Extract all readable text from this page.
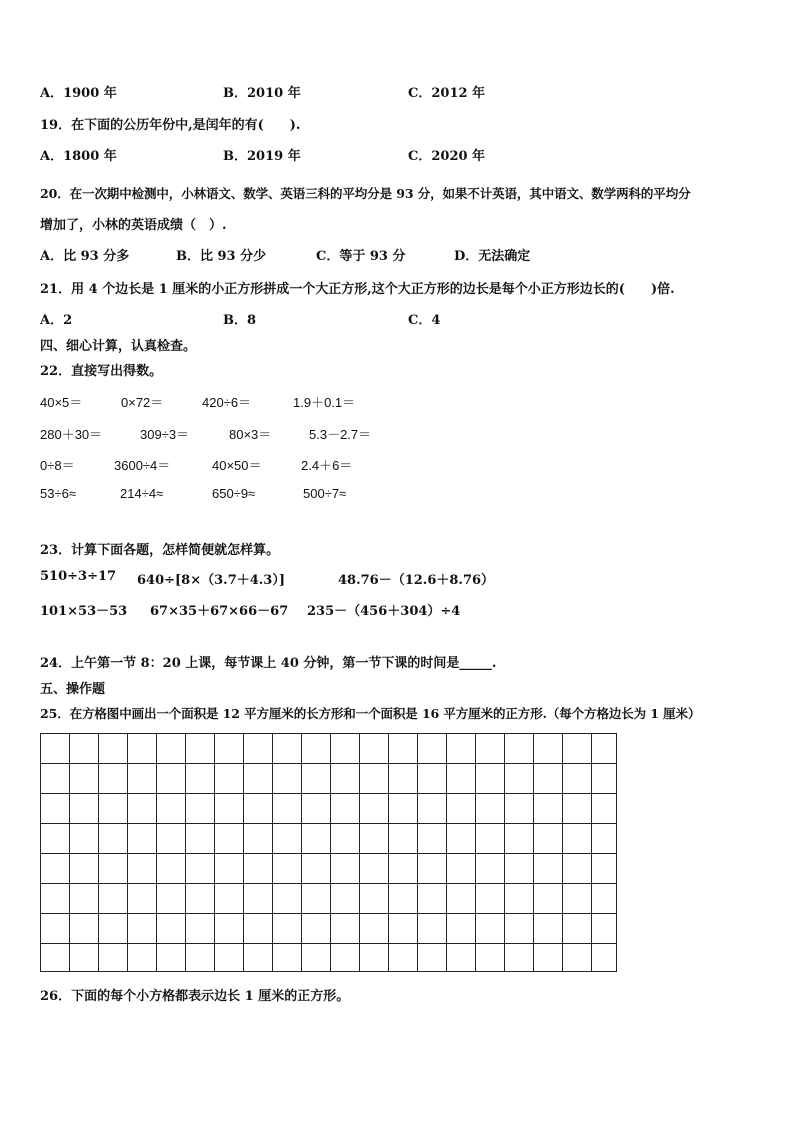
A．1900 年	B．2010 年	C．2012 年
19．在下面的公历年份中,是闰年的有(　　).
A．1800 年	B．2019 年	C．2020 年
20．在一次期中检测中，小林语文、数学、英语三科的平均分是 93 分，如果不计英语，其中语文、数学两科的平均分
增加了，小林的英语成绩（　）.
A．比 93 分多	B．比 93 分少	C．等于 93 分	D．无法确定
21．用 4 个边长是 1 厘米的小正方形拼成一个大正方形,这个大正方形的边长是每个小正方形边长的(　　)倍.
A．2	B．8	C．4
四、细心计算，认真检查。
22．直接写出得数。
40×5＝	0×72＝	420÷6＝	1.9＋0.1＝
280＋30＝	309÷3＝	80×3＝	5.3－2.7＝
0÷8＝	3600÷4＝	40×50＝	2.4＋6＝
53÷6≈	214÷4≈	650÷9≈	500÷7≈
23．计算下面各题，怎样简便就怎样算。
510÷3÷17 640÷[8×（3.7＋4.3）]	48.76－（12.6＋8.76）
101×53－53 67×35＋67×66－67 235－（456＋304）÷4
24．上午第一节 8：20 上课，每节课上 40 分钟，第一节下课的时间是_____.
五、操作题
25．在方格图中画出一个面积是 12 平方厘米的长方形和一个面积是 16 平方厘米的正方形.（每个方格边长为 1 厘米）
26．下面的每个小方格都表示边长 1 厘米的正方形。
